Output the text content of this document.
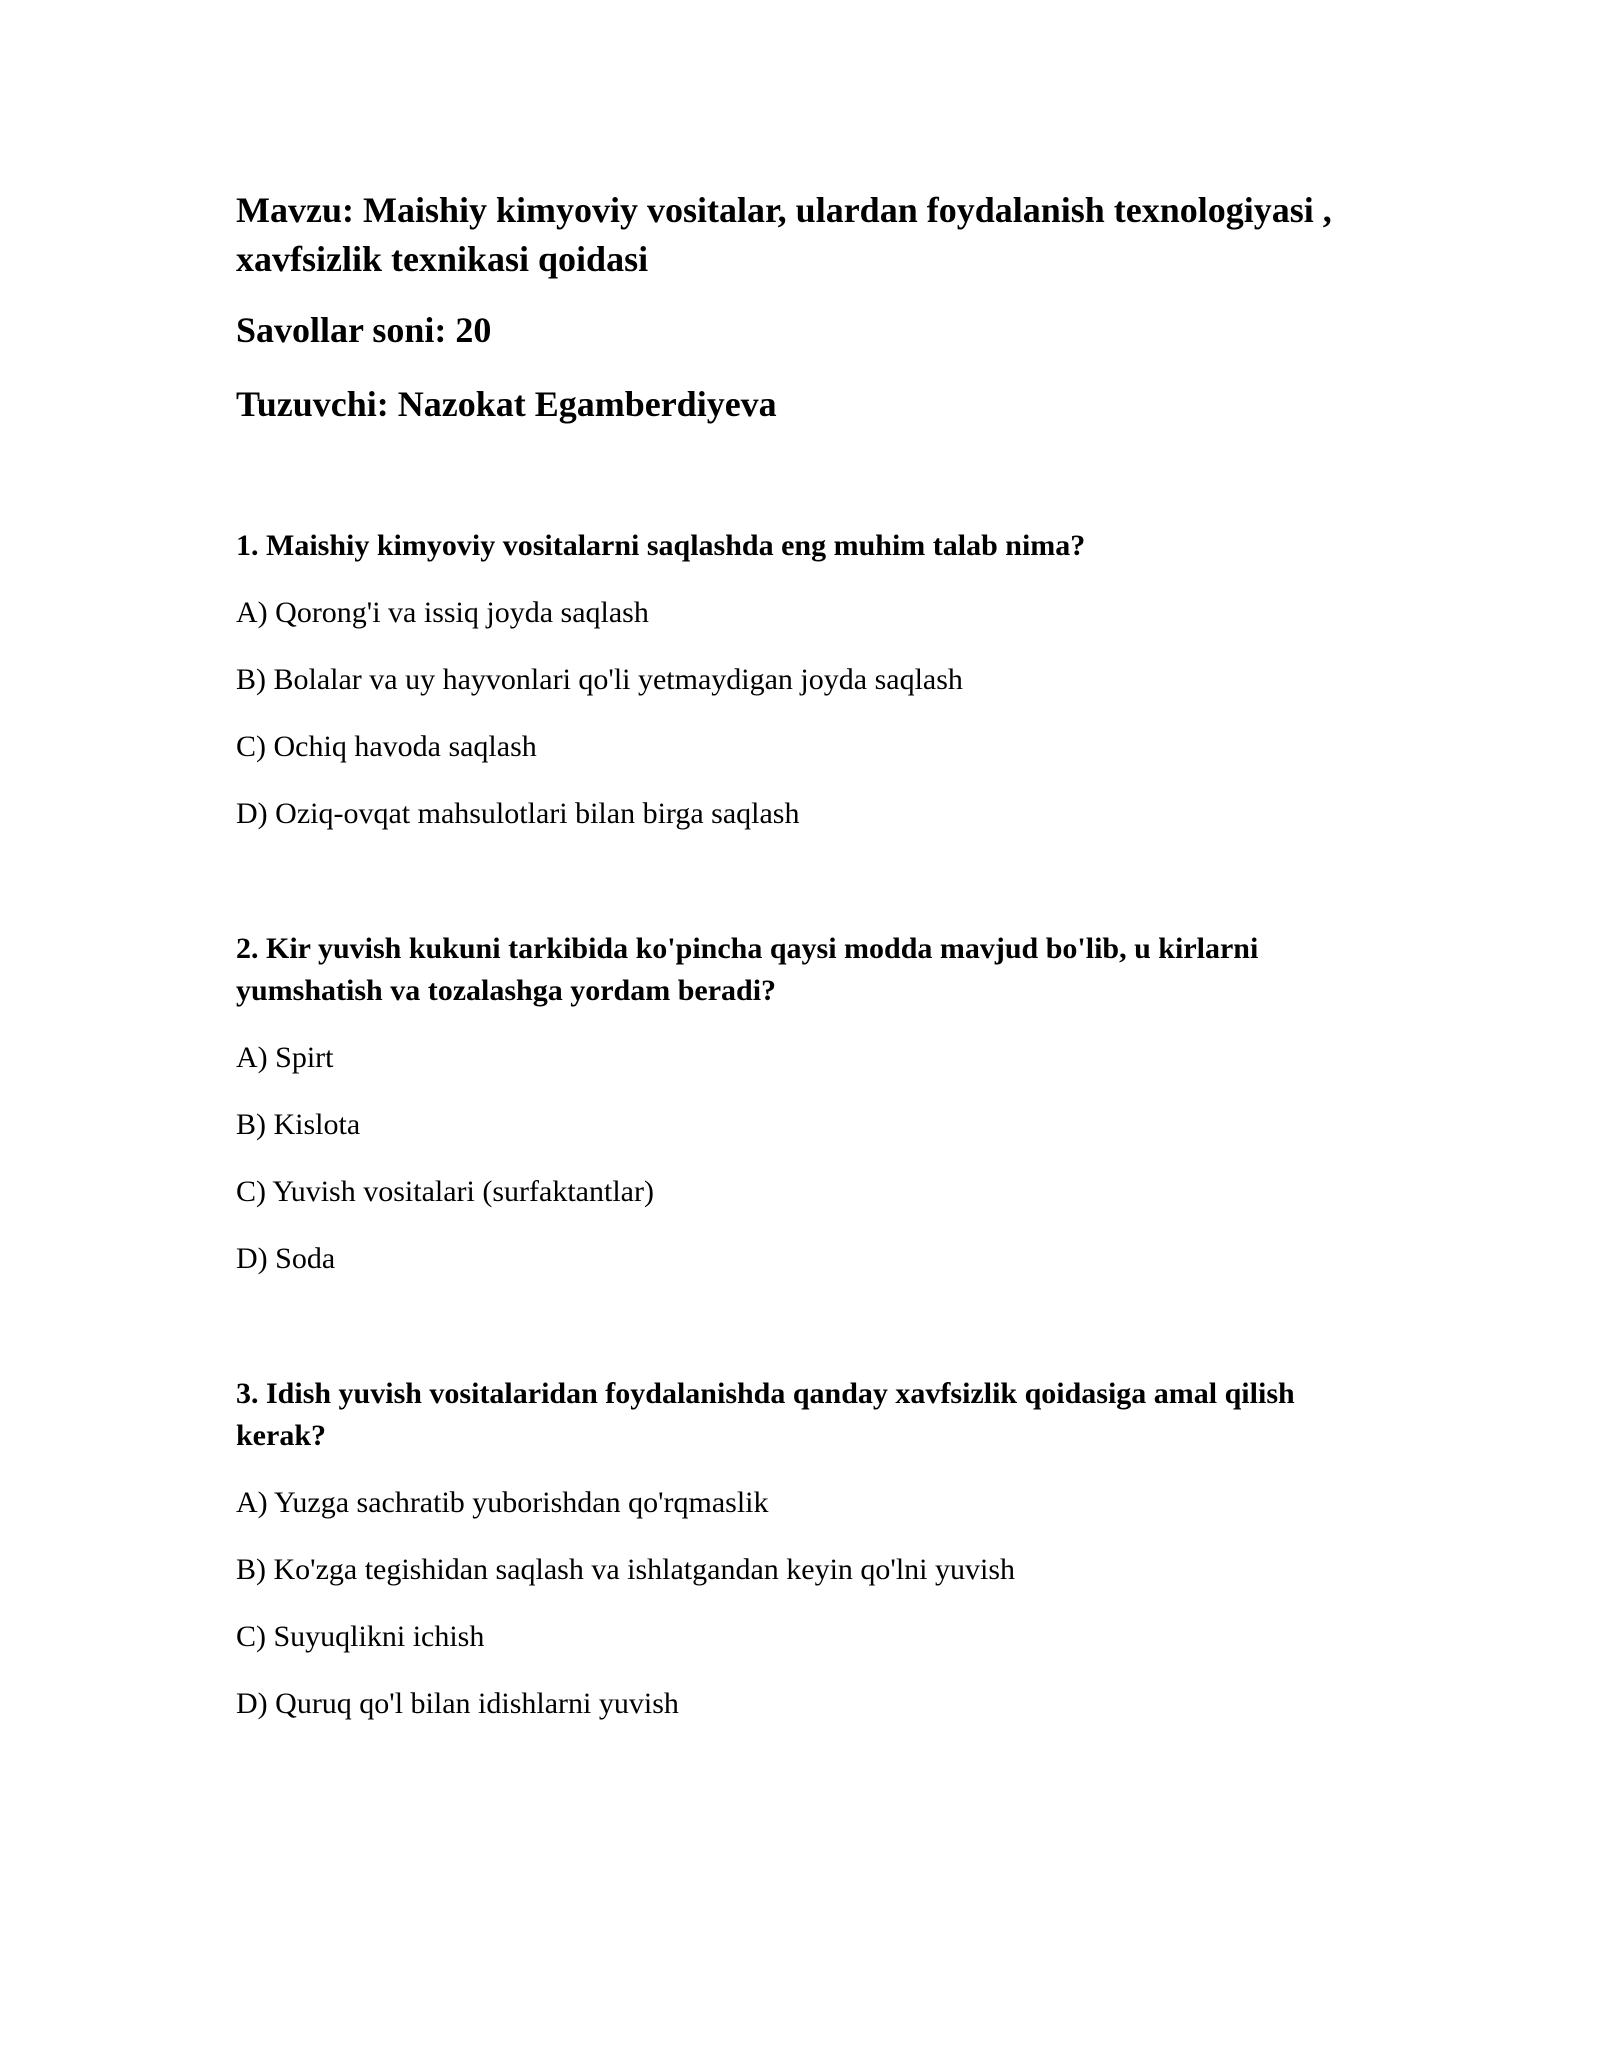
Mavzu: Maishiy kimyoviy vositalar, ulardan foydalanish texnologiyasi , xavfsizlik texnikasi qoidasi

Savollar soni: 20

Tuzuvchi: Nazokat Egamberdiyeva

1. Maishiy kimyoviy vositalarni saqlashda eng muhim talab nima?

A) Qorong'i va issiq joyda saqlash

B) Bolalar va uy hayvonlari qo'li yetmaydigan joyda saqlash

C) Ochiq havoda saqlash

D) Oziq-ovqat mahsulotlari bilan birga saqlash

2. Kir yuvish kukuni tarkibida ko'pincha qaysi modda mavjud bo'lib, u kirlarni yumshatish va tozalashga yordam beradi?

A) Spirt

B) Kislota

C) Yuvish vositalari (surfaktantlar)

D) Soda

3. Idish yuvish vositalaridan foydalanishda qanday xavfsizlik qoidasiga amal qilish kerak?

A) Yuzga sachratib yuborishdan qo'rqmaslik

B) Ko'zga tegishidan saqlash va ishlatgandan keyin qo'lni yuvish

C) Suyuqlikni ichish

D) Quruq qo'l bilan idishlarni yuvish
